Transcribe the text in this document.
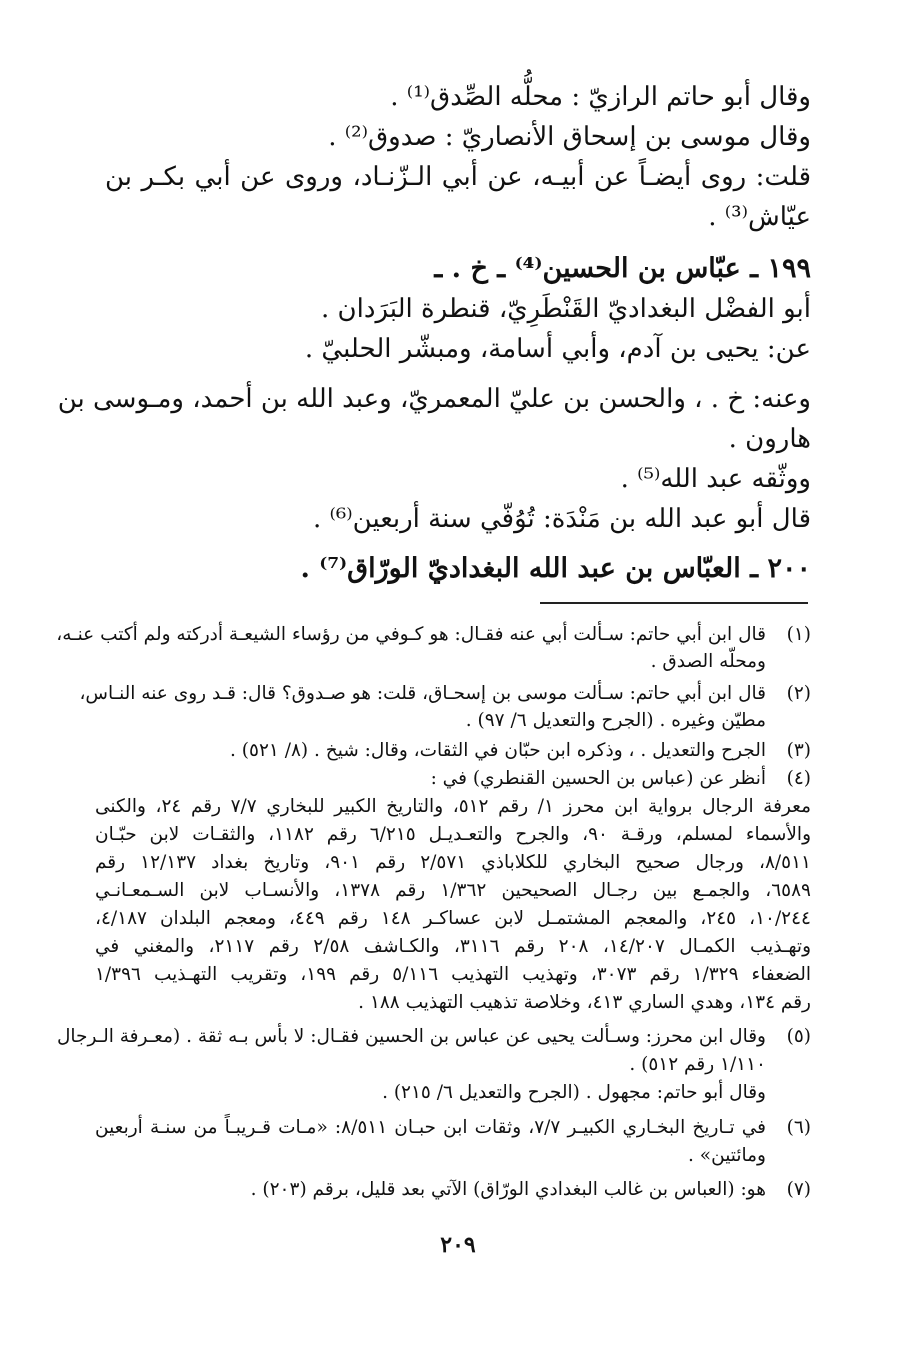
وقال أبو حاتم الرازيّ : محلُّه الصِّدق⁽¹⁾ .
وقال موسى بن إسحاق الأنصاريّ : صدوق⁽²⁾ .
قلت: روى أيضـاً عن أبيـه، عن أبي الـزّنـاد، وروى عن أبي بكـر بن
عيّاش⁽³⁾ .
١٩٩ ـ عبّاس بن الحسين⁽⁴⁾ ـ خ . ـ
أبو الفضْل البغداديّ القَنْطَرِيّ، قنطرة البَرَدان .
عن: يحيى بن آدم، وأبي أسامة، ومبشّر الحلبيّ .
وعنه: خ . ، والحسن بن عليّ المعمريّ، وعبد الله بن أحمد، ومـوسى بن
هارون .
ووثّقه عبد الله⁽⁵⁾ .
قال أبو عبد الله بن مَنْدَة: تُوُفّي سنة أربعين⁽⁶⁾ .
٢٠٠ ـ العبّاس بن عبد الله البغداديّ الورّاق⁽⁷⁾ .
(١)
قال ابن أبي حاتم: سـألت أبي عنه فقـال: هو كـوفي من رؤساء الشيعـة أدركته ولم أكتب عنـه،
ومحلّه الصدق .
(٢)
قال ابن أبي حاتم: سـألت موسى بن إسحـاق، قلت: هو صـدوق؟ قال: قـد روى عنه النـاس،
مطيّن وغيره . (الجرح والتعديل ٦/ ٩٧) .
(٣)
الجرح والتعديل . ، وذكره ابن حبّان في الثقات، وقال: شيخ . (٨/ ٥٢١) .
(٤)
أنظر عن (عباس بن الحسين القنطري) في :
معرفة الرجال برواية ابن محرز ١/ رقم ٥١٢، والتاريخ الكبير للبخاري ٧/٧ رقم ٢٤، والكنى
والأسماء لمسلم، ورقـة ٩٠، والجرح والتعـديـل ٦/٢١٥ رقم ١١٨٢، والثقـات لابن حبّـان
٨/٥١١، ورجال صحيح البخاري للكلاباذي ٢/٥٧١ رقم ٩٠١، وتاريخ بغداد ١٢/١٣٧ رقم
٦٥٨٩، والجمـع بين رجـال الصحيحين ١/٣٦٢ رقم ١٣٧٨، والأنسـاب لابن السـمعـانـي
١٠/٢٤٤، ٢٤٥، والمعجم المشتمـل لابن عساكـر ١٤٨ رقم ٤٤٩، ومعجم البلدان ٤/١٨٧،
وتهـذيب الكمـال ١٤/٢٠٧، ٢٠٨ رقم ٣١١٦، والكـاشف ٢/٥٨ رقم ٢١١٧، والمغني في
الضعفاء ١/٣٢٩ رقم ٣٠٧٣، وتهذيب التهذيب ٥/١١٦ رقم ١٩٩، وتقريب التهـذيب ١/٣٩٦
رقم ١٣٤، وهدي الساري ٤١٣، وخلاصة تذهيب التهذيب ١٨٨ .
(٥)
وقال ابن محرز: وسـألت يحيى عن عباس بن الحسين فقـال: لا بأس بـه ثقة . (معـرفة الـرجال
١/١١٠ رقم ٥١٢) .
وقال أبو حاتم: مجهول . (الجرح والتعديل ٦/ ٢١٥) .
(٦)
في تـاريخ البخـاري الكبيـر ٧/٧، وثقات ابن حبـان ٨/٥١١: «مـات قـريبـاً من سنـة أربعين
ومائتين» .
(٧)
هو: (العباس بن غالب البغدادي الورّاق) الآتي بعد قليل، برقم (٢٠٣) .
٢٠٩
